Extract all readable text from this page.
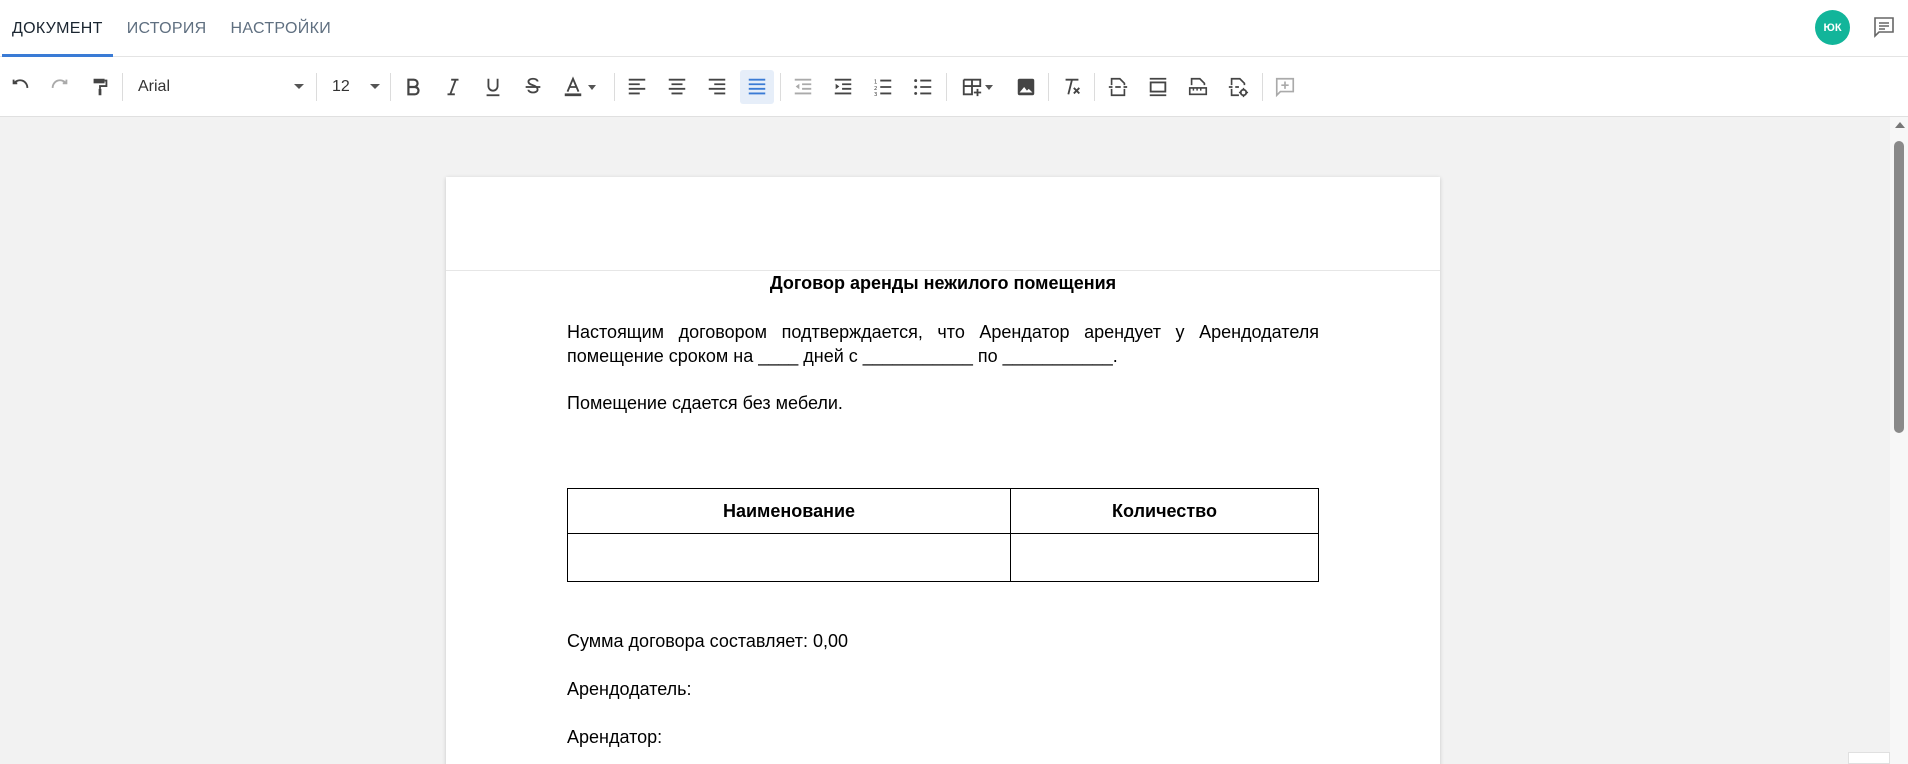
ДОКУМЕНТ	ИСТОРИЯ	НАСТРОЙКИ	ЮК
Arial	12	1
2
3
Договор аренды нежилого помещения
Настоящим договором подтверждается, что Арендатор арендует у Арендодателя помещение сроком на ____ дней с ___________ по ___________.
Помещение сдается без мебели.
Наименование	Количество

Сумма договора составляет: 0,00
Арендодатель:
Арендатор:
